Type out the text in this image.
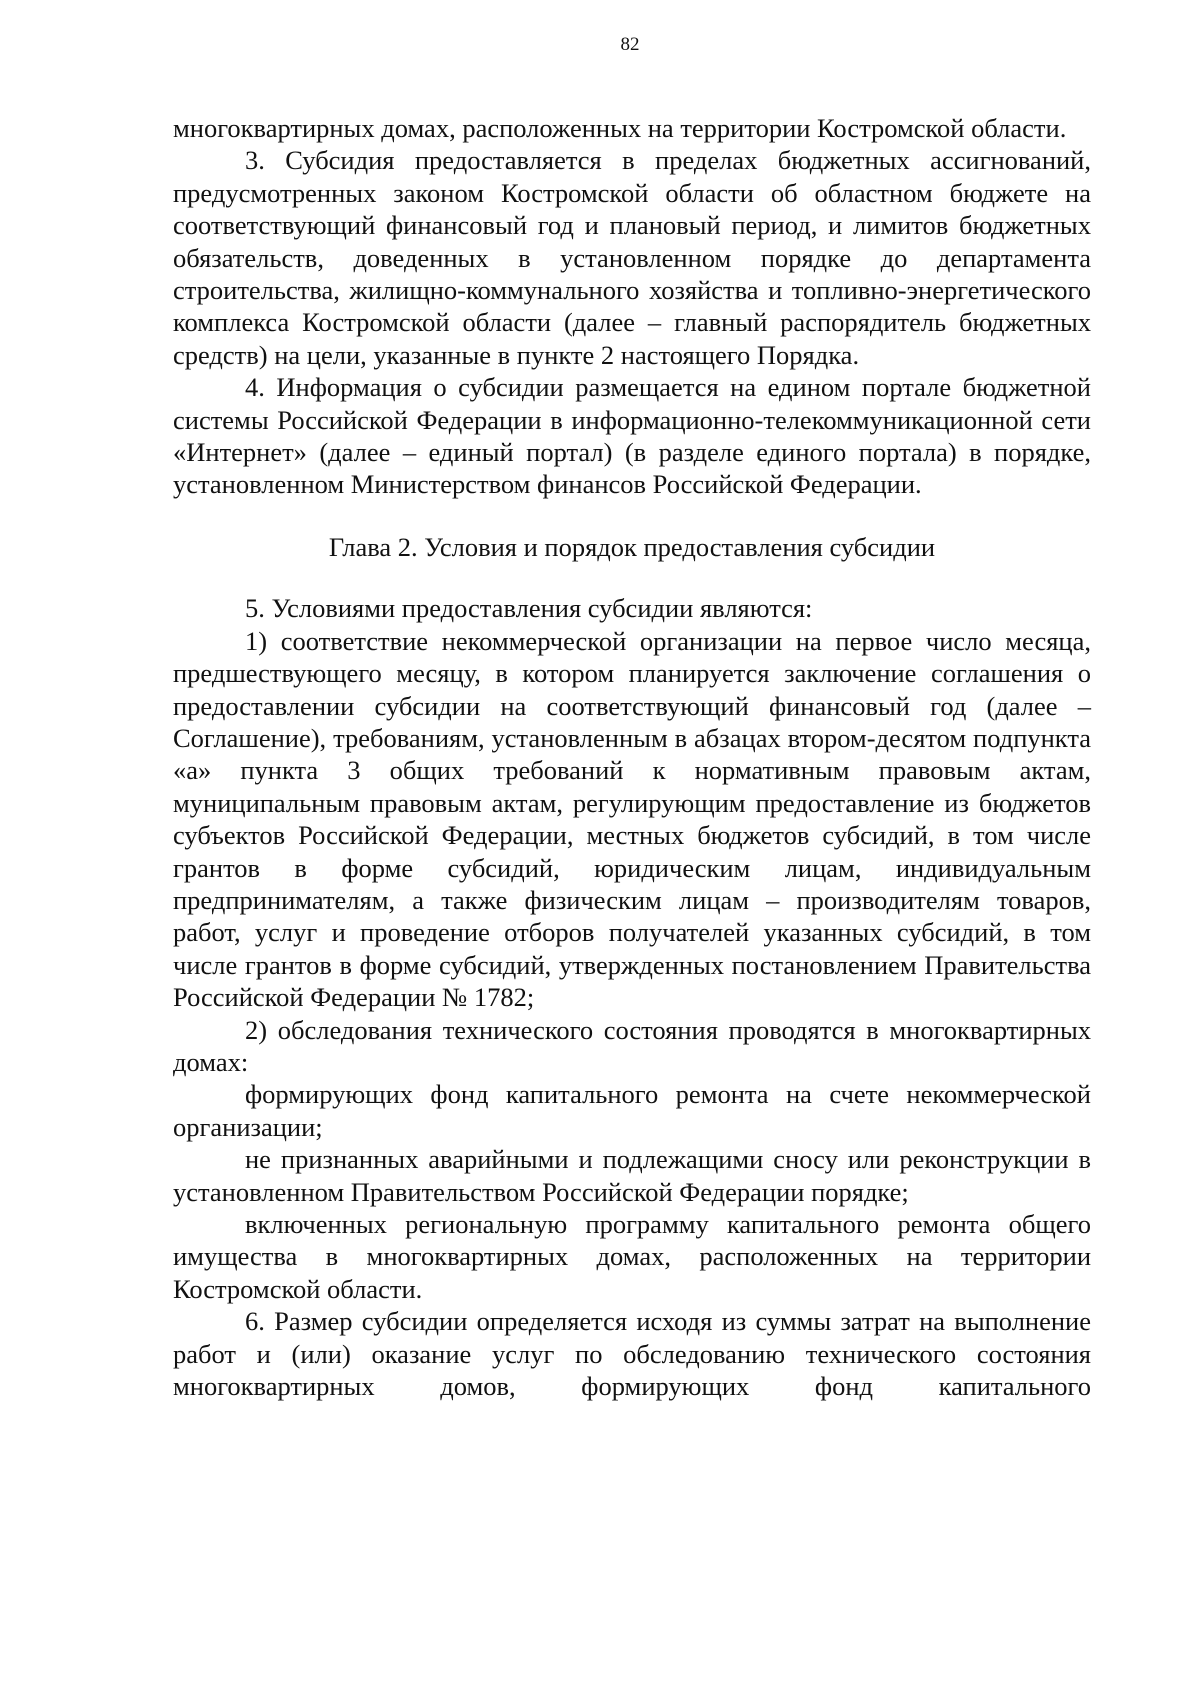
82

многоквартирных домах, расположенных на территории Костромской области.

3. Субсидия предоставляется в пределах бюджетных ассигнований, предусмотренных законом Костромской области об областном бюджете на соответствующий финансовый год и плановый период, и лимитов бюджетных обязательств, доведенных в установленном порядке до департамента строительства, жилищно-коммунального хозяйства и топливно-энергетического комплекса Костромской области (далее – главный распорядитель бюджетных средств) на цели, указанные в пункте 2 настоящего Порядка.

4. Информация о субсидии размещается на едином портале бюджетной системы Российской Федерации в информационно-телекоммуникационной сети «Интернет» (далее – единый портал) (в разделе единого портала) в порядке, установленном Министерством финансов Российской Федерации.

Глава 2. Условия и порядок предоставления субсидии

5. Условиями предоставления субсидии являются:

1) соответствие некоммерческой организации на первое число месяца, предшествующего месяцу, в котором планируется заключение соглашения о предоставлении субсидии на соответствующий финансовый год (далее – Соглашение), требованиям, установленным в абзацах втором-десятом подпункта «а» пункта 3 общих требований к нормативным правовым актам, муниципальным правовым актам, регулирующим предоставление из бюджетов субъектов Российской Федерации, местных бюджетов субсидий, в том числе грантов в форме субсидий, юридическим лицам, индивидуальным предпринимателям, а также физическим лицам – производителям товаров, работ, услуг и проведение отборов получателей указанных субсидий, в том числе грантов в форме субсидий, утвержденных постановлением Правительства Российской Федерации № 1782;

2) обследования технического состояния проводятся в многоквартирных домах:

формирующих фонд капитального ремонта на счете некоммерческой организации;

не признанных аварийными и подлежащими сносу или реконструкции в установленном Правительством Российской Федерации порядке;

включенных региональную программу капитального ремонта общего имущества в многоквартирных домах, расположенных на территории Костромской области.

6. Размер субсидии определяется исходя из суммы затрат на выполнение работ и (или) оказание услуг по обследованию технического состояния многоквартирных домов, формирующих фонд капитального
